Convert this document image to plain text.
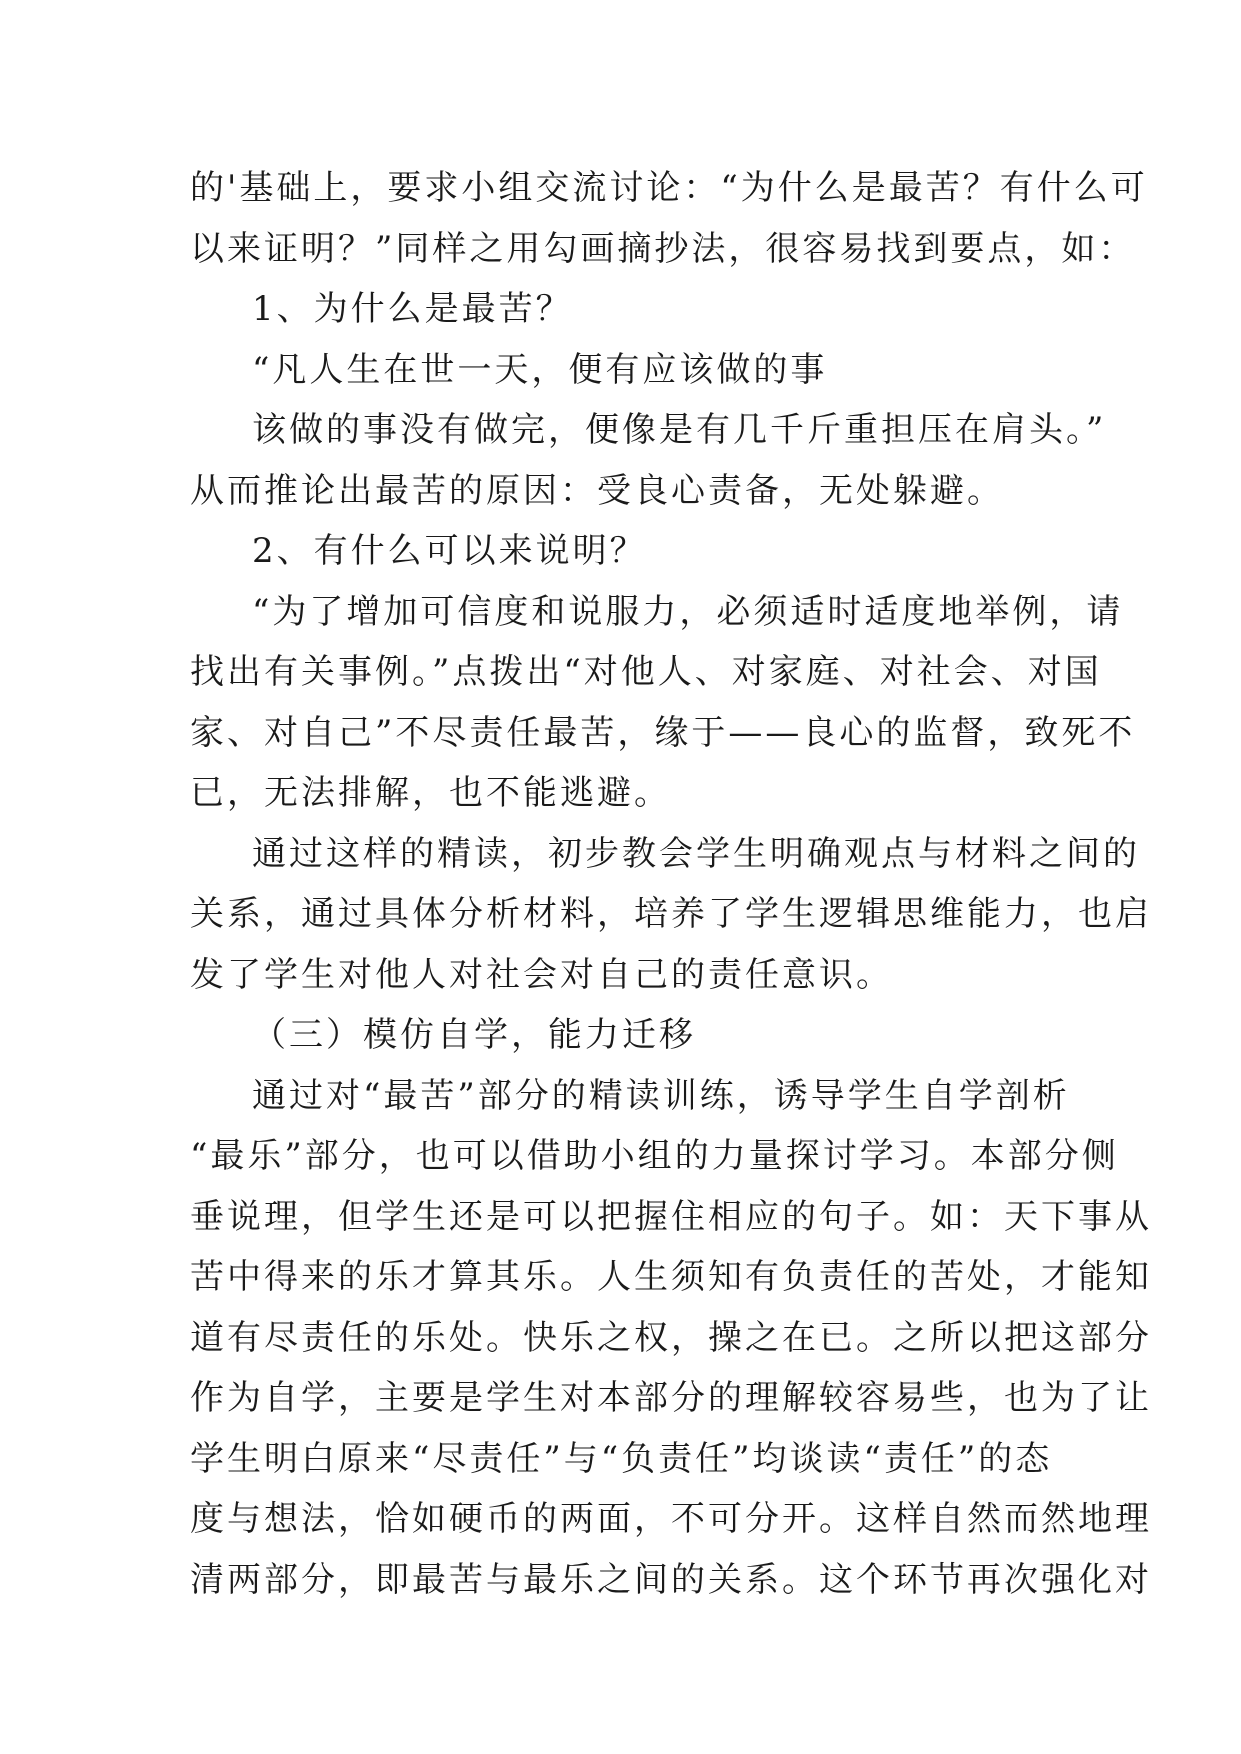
的'基础上，要求小组交流讨论：“为什么是最苦？有什么可
以来证明？”同样之用勾画摘抄法，很容易找到要点，如：
1、为什么是最苦？
“凡人生在世一天，便有应该做的事
该做的事没有做完，便像是有几千斤重担压在肩头。”
从而推论出最苦的原因：受良心责备，无处躲避。
2、有什么可以来说明？
“为了增加可信度和说服力，必须适时适度地举例，请
找出有关事例。”点拨出“对他人、对家庭、对社会、对国
家、对自己”不尽责任最苦，缘于——良心的监督，致死不
已，无法排解，也不能逃避。
通过这样的精读，初步教会学生明确观点与材料之间的
关系，通过具体分析材料，培养了学生逻辑思维能力，也启
发了学生对他人对社会对自己的责任意识。
（三）模仿自学，能力迁移
通过对“最苦”部分的精读训练，诱导学生自学剖析
“最乐”部分，也可以借助小组的力量探讨学习。本部分侧
垂说理，但学生还是可以把握住相应的句子。如：天下事从
苦中得来的乐才算其乐。人生须知有负责任的苦处，才能知
道有尽责任的乐处。快乐之权，操之在已。之所以把这部分
作为自学，主要是学生对本部分的理解较容易些，也为了让
学生明白原来“尽责任”与“负责任”均谈读“责任”的态
度与想法，恰如硬币的两面，不可分开。这样自然而然地理
清两部分，即最苦与最乐之间的关系。这个环节再次强化对
